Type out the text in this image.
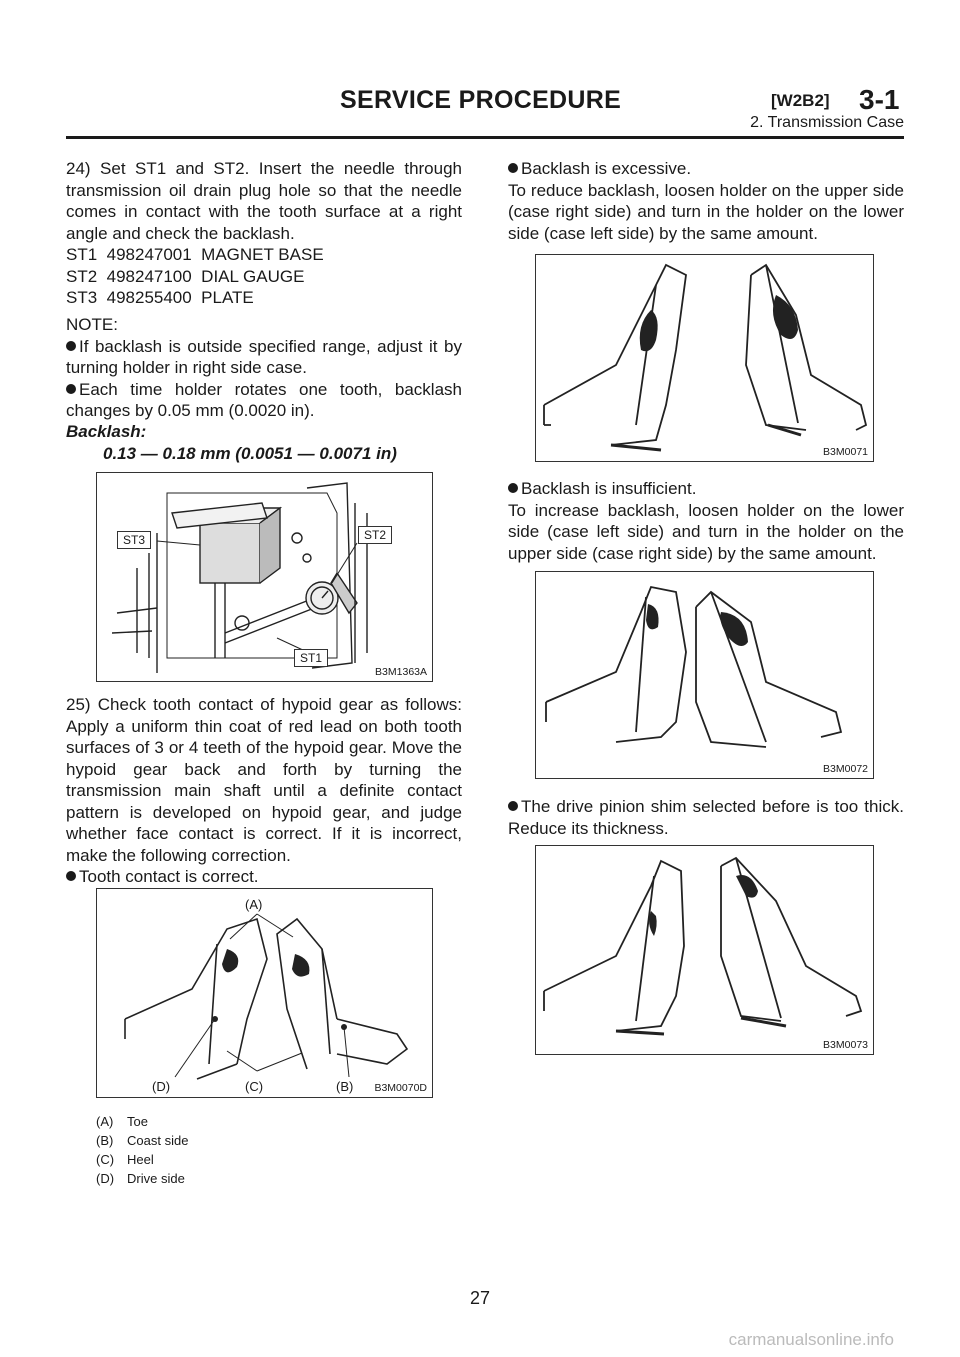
SERVICE PROCEDURE	[W2B2] 3-1
2. Transmission Case

24) Set ST1 and ST2. Insert the needle through transmission oil drain plug hole so that the needle comes in contact with the tooth surface at a right angle and check the backlash.

ST1  498247001  MAGNET BASE

ST2  498247100  DIAL GAUGE

ST3  498255400  PLATE

NOTE:

If backlash is outside specified range, adjust it by turning holder in right side case.

Each time holder rotates one tooth, backlash changes by 0.05 mm (0.0020 in).

Backlash:

0.13 — 0.18 mm (0.0051 — 0.0071 in)

ST3	ST2
ST1
B3M1363A

25) Check tooth contact of hypoid gear as follows: Apply a uniform thin coat of red lead on both tooth surfaces of 3 or 4 teeth of the hypoid gear. Move the hypoid gear back and forth by turning the transmission main shaft until a definite contact pattern is developed on hypoid gear, and judge whether face contact is correct. If it is incorrect, make the following correction.

Tooth contact is correct.

(A)
(B)
(C)
(D)	B3M0070D
(A)	Toe
(B)	Coast side
(C) Heel
(D) Drive side

Backlash is excessive.

To reduce backlash, loosen holder on the upper side (case right side) and turn in the holder on the lower side (case left side) by the same amount.

B3M0071

Backlash is insufficient.

To increase backlash, loosen holder on the lower side (case left side) and turn in the holder on the upper side (case right side) by the same amount.

B3M0072

The drive pinion shim selected before is too thick. Reduce its thickness.

B3M0073
27
carmanualsonline.info
